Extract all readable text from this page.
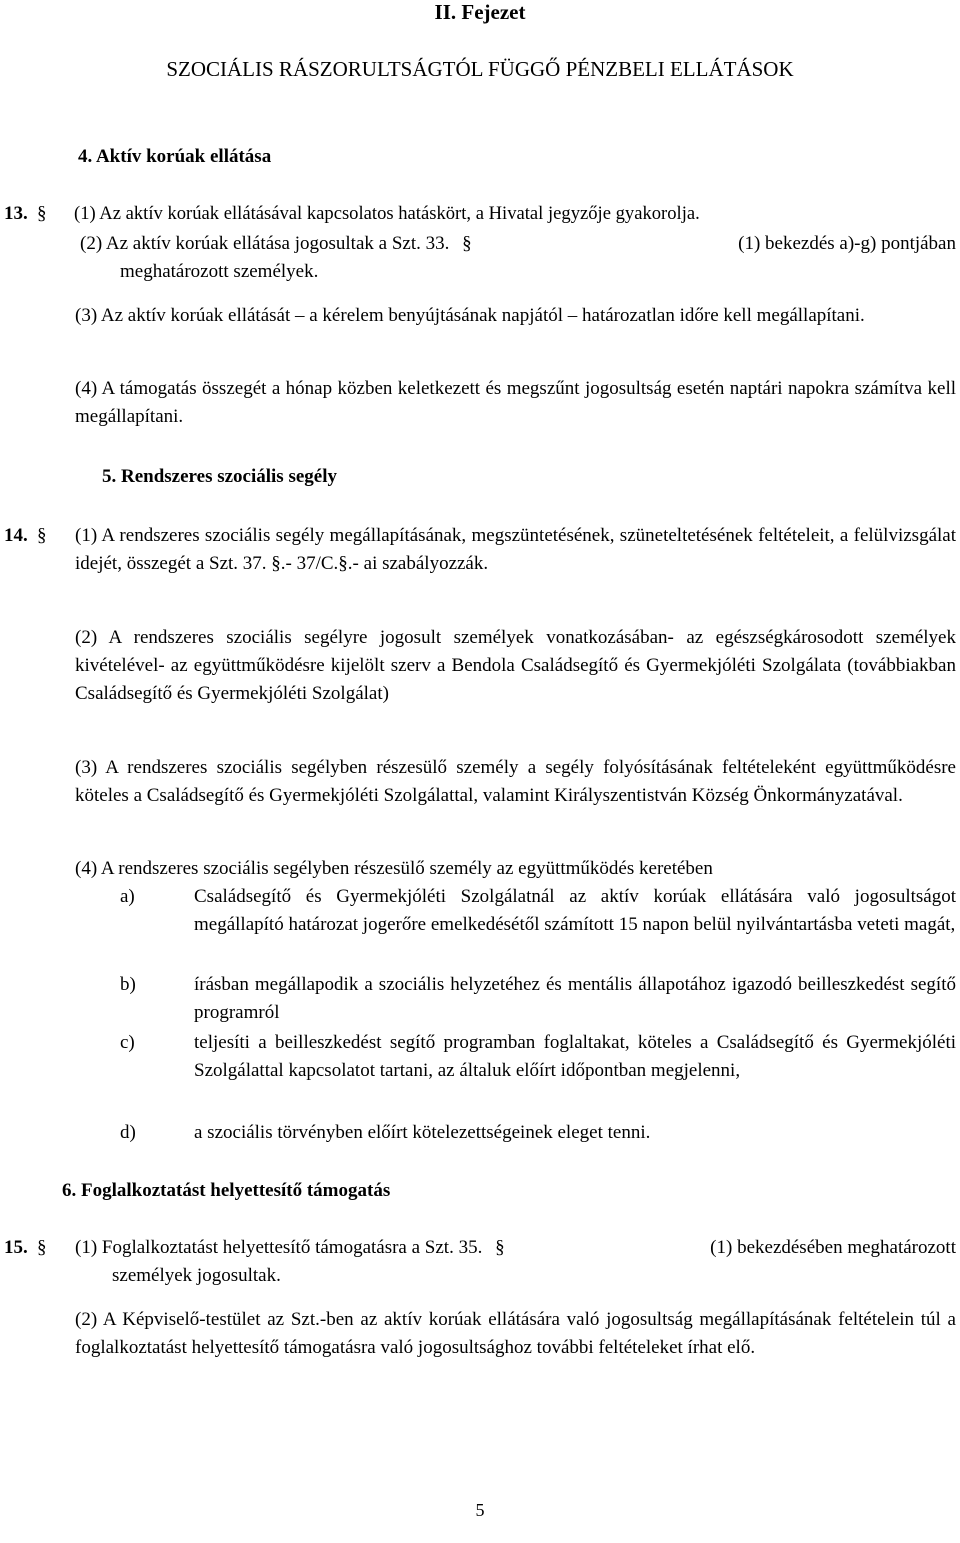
II. Fejezet
SZOCIÁLIS RÁSZORULTSÁGTÓL FÜGGŐ PÉNZBELI ELLÁTÁSOK
4. Aktív korúak ellátása
13. § (1) Az aktív korúak ellátásával kapcsolatos hatáskört, a Hivatal jegyzője gyakorolja.
(2) Az aktív korúak ellátása jogosultak a Szt. 33. §	(1) bekezdés a)-g) pontjában
meghatározott személyek.
(3) Az aktív korúak ellátását – a kérelem benyújtásának napjától – határozatlan időre kell megállapítani.
(4) A támogatás összegét a hónap közben keletkezett és megszűnt jogosultság esetén naptári napokra számítva kell megállapítani.
5. Rendszeres szociális segély
14. § (1) A rendszeres szociális segély megállapításának, megszüntetésének, szüneteltetésének feltételeit, a felülvizsgálat idejét, összegét a Szt. 37. §.- 37/C.§.- ai szabályozzák.
(2) A rendszeres szociális segélyre jogosult személyek vonatkozásában- az egészségkárosodott személyek kivételével- az együttműködésre kijelölt szerv a Bendola Családsegítő és Gyermekjóléti Szolgálata (továbbiakban Családsegítő és Gyermekjóléti Szolgálat)
(3) A rendszeres szociális segélyben részesülő személy a segély folyósításának feltételeként együttműködésre köteles a Családsegítő és Gyermekjóléti Szolgálattal, valamint Királyszentistván Község Önkormányzatával.
(4) A rendszeres szociális segélyben részesülő személy az együttműködés keretében
a)	Családsegítő és Gyermekjóléti Szolgálatnál az aktív korúak ellátására való jogosultságot megállapító határozat jogerőre emelkedésétől számított 15 napon belül nyilvántartásba veteti magát,
b)	írásban megállapodik a szociális helyzetéhez és mentális állapotához igazodó beilleszkedést segítő programról
c)	teljesíti a beilleszkedést segítő programban foglaltakat, köteles a Családsegítő és Gyermekjóléti Szolgálattal kapcsolatot tartani, az általuk előírt időpontban megjelenni,
d)	a szociális törvényben előírt kötelezettségeinek eleget tenni.
6. Foglalkoztatást helyettesítő támogatás
15. § (1) Foglalkoztatást helyettesítő támogatásra a Szt. 35. §	(1) bekezdésében meghatározott
személyek jogosultak.
(2) A Képviselő-testület az Szt.-ben az aktív korúak ellátására való jogosultság megállapításának feltételein túl a foglalkoztatást helyettesítő támogatásra való jogosultsághoz további feltételeket írhat elő.
5
